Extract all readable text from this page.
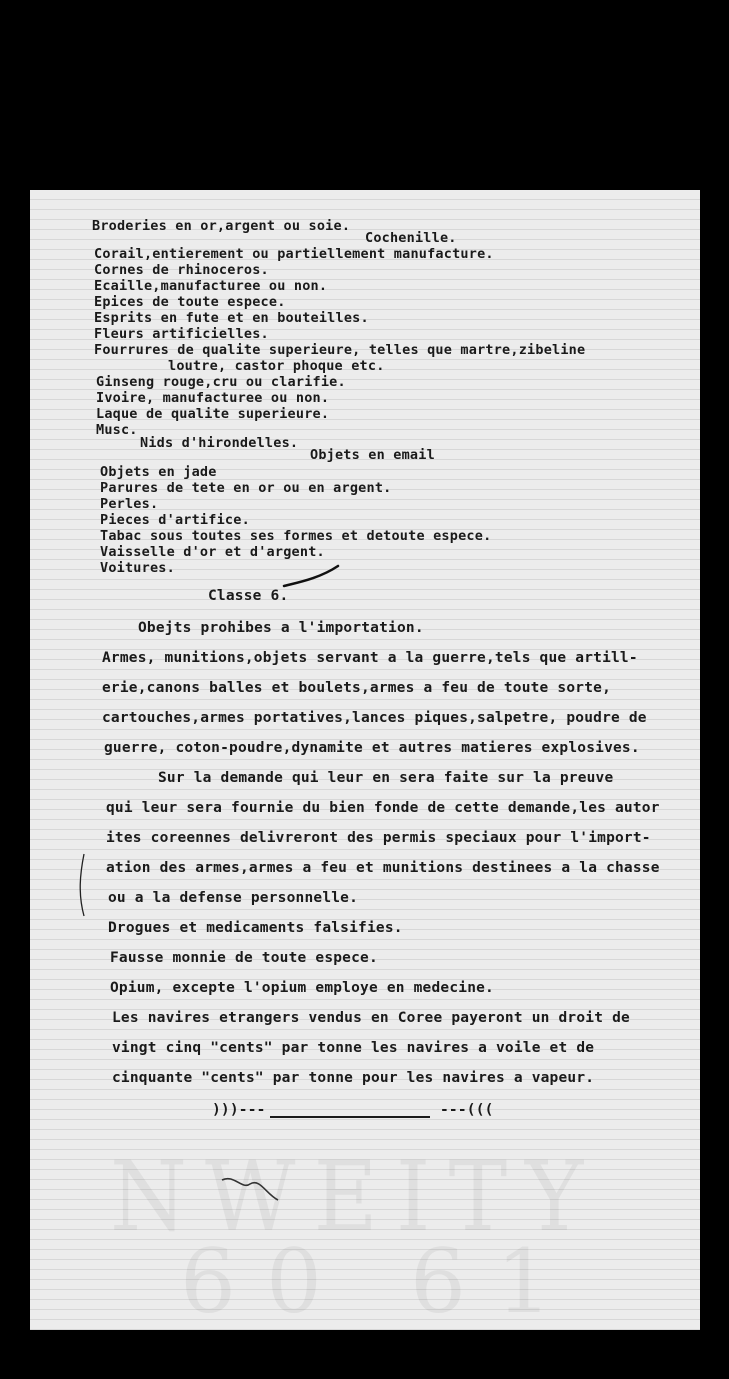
NWEITY
60 61
Broderies en or,argent ou soie.
Cochenille.
Corail,entierement ou partiellement manufacture.
Cornes de rhinoceros.
Ecaille,manufacturee ou non.
Epices de toute espece.
Esprits en fute et en bouteilles.
Fleurs artificielles.
Fourrures de qualite superieure, telles que martre,zibeline
loutre, castor phoque etc.
Ginseng rouge,cru ou clarifie.
Ivoire, manufacturee ou non.
Laque de qualite superieure.
Musc.
Nids d'hirondelles.
Objets en email
Objets en jade
Parures de tete en or ou en argent.
Perles.
Pieces d'artifice.
Tabac sous toutes ses formes et detoute espece.
Vaisselle d'or et d'argent.
Voitures.
Classe 6.
Obejts prohibes a l'importation.
Armes, munitions,objets servant a la guerre,tels que artill-
erie,canons balles et boulets,armes a feu de toute sorte,
cartouches,armes portatives,lances piques,salpetre, poudre de
guerre, coton-poudre,dynamite et autres matieres explosives.
Sur la demande qui leur en sera faite sur la preuve
qui leur sera fournie du bien fonde de cette demande,les autor
ites coreennes delivreront des permis speciaux pour l'import-
ation des armes,armes a feu et munitions destinees a la chasse
ou a la defense personnelle.
Drogues et medicaments falsifies.
Fausse monnie de toute espece.
Opium, excepte l'opium employe en medecine.
Les navires etrangers vendus en Coree payeront un droit de
vingt cinq "cents" par tonne les navires a voile et de
cinquante "cents" par tonne pour les navires a vapeur.
)))---	---(((
